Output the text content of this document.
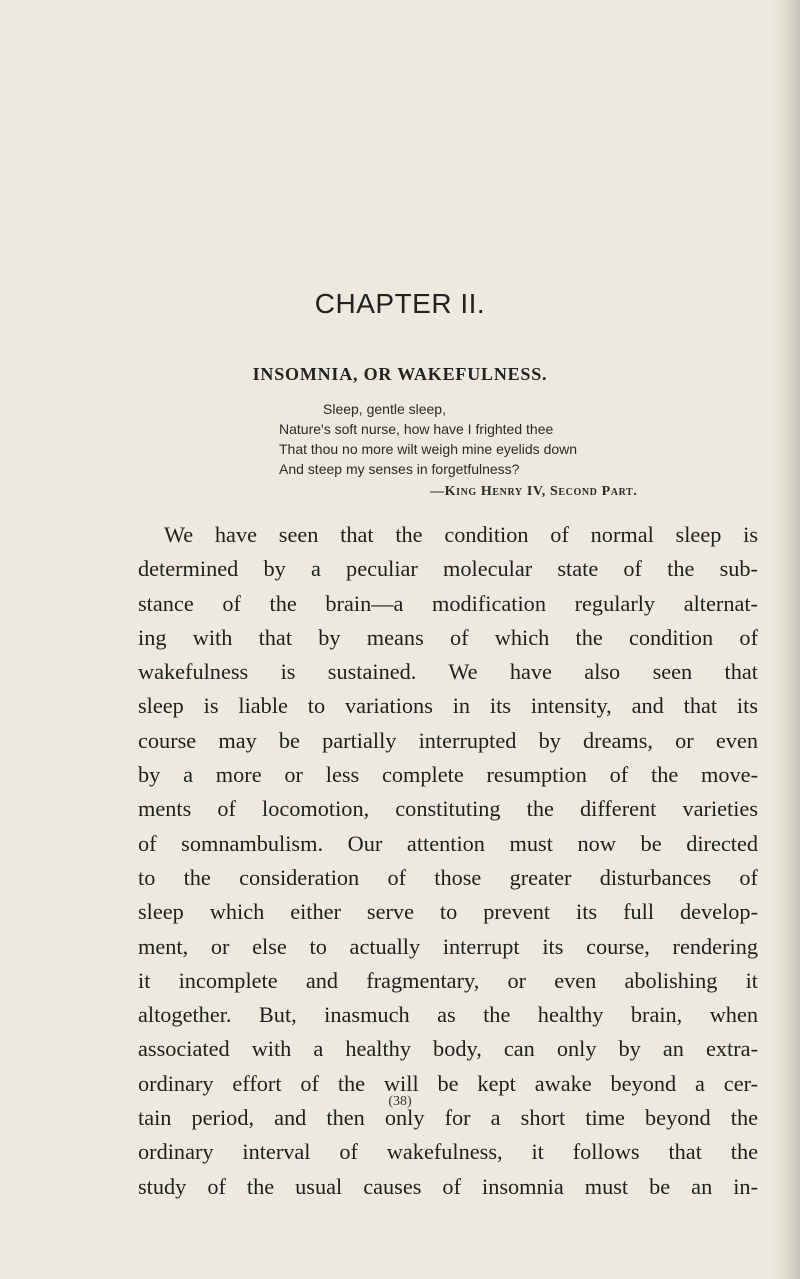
CHAPTER II.
INSOMNIA, OR WAKEFULNESS.
Sleep, gentle sleep,
Nature's soft nurse, how have I frighted thee
That thou no more wilt weigh mine eyelids down
And steep my senses in forgetfulness?
—King Henry IV, Second Part.
We have seen that the condition of normal sleep is
determined by a peculiar molecular state of the sub-
stance of the brain—a modification regularly alternat-
ing with that by means of which the condition of
wakefulness is sustained. We have also seen that
sleep is liable to variations in its intensity, and that its
course may be partially interrupted by dreams, or even
by a more or less complete resumption of the move-
ments of locomotion, constituting the different varieties
of somnambulism. Our attention must now be directed
to the consideration of those greater disturbances of
sleep which either serve to prevent its full develop-
ment, or else to actually interrupt its course, rendering
it incomplete and fragmentary, or even abolishing it
altogether. But, inasmuch as the healthy brain, when
associated with a healthy body, can only by an extra-
ordinary effort of the will be kept awake beyond a cer-
tain period, and then only for a short time beyond the
ordinary interval of wakefulness, it follows that the
study of the usual causes of insomnia must be an in-
(38)
